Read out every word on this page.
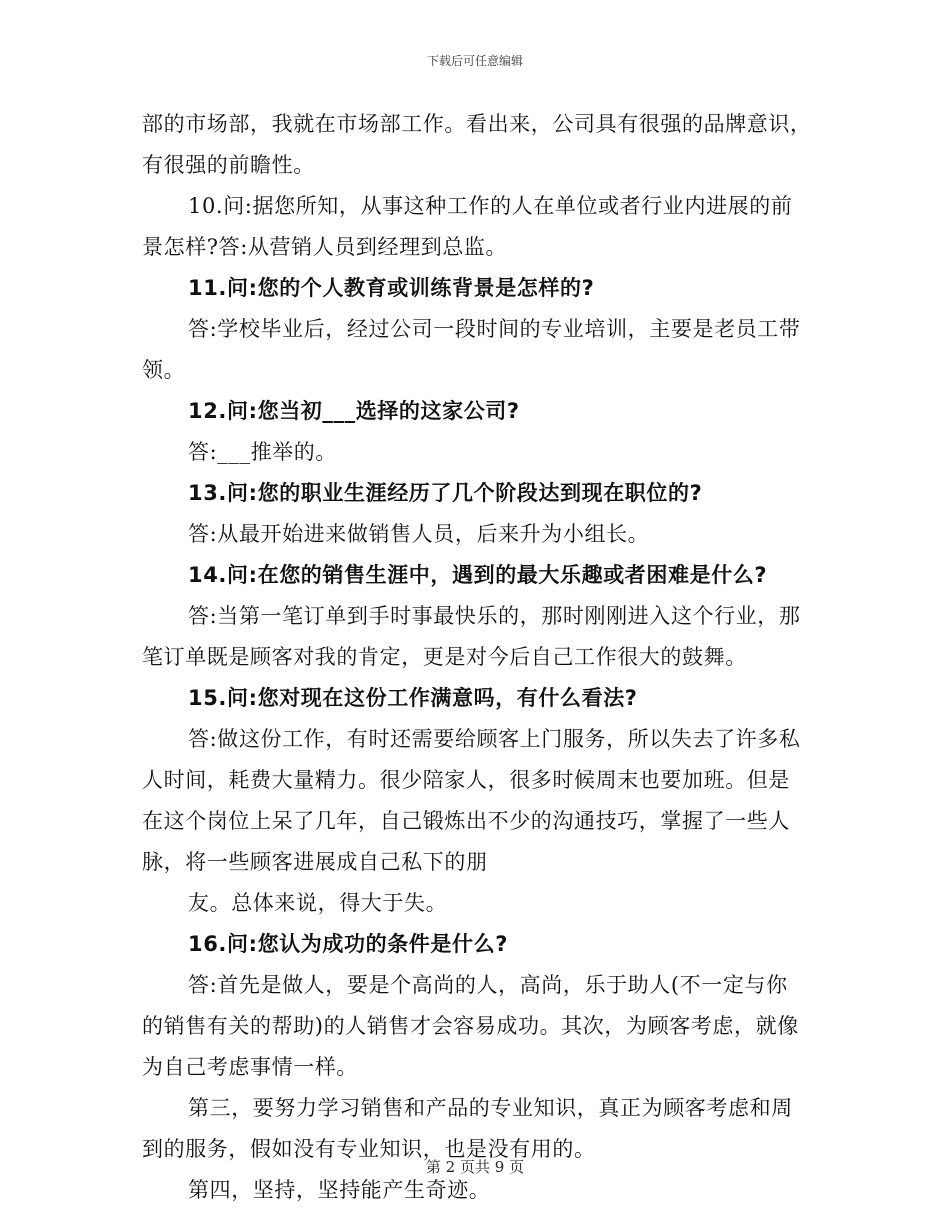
下载后可任意编辑
部的市场部，我就在市场部工作。看出来，公司具有很强的品牌意识，
有很强的前瞻性。
10.问:据您所知，从事这种工作的人在单位或者行业内进展的前
景怎样?答:从营销人员到经理到总监。
11.问:您的个人教育或训练背景是怎样的?
答:学校毕业后，经过公司一段时间的专业培训，主要是老员工带
领。
12.问:您当初___选择的这家公司?
答:___推举的。
13.问:您的职业生涯经历了几个阶段达到现在职位的?
答:从最开始进来做销售人员，后来升为小组长。
14.问:在您的销售生涯中，遇到的最大乐趣或者困难是什么?
答:当第一笔订单到手时事最快乐的，那时刚刚进入这个行业，那
笔订单既是顾客对我的肯定，更是对今后自己工作很大的鼓舞。
15.问:您对现在这份工作满意吗，有什么看法?
答:做这份工作，有时还需要给顾客上门服务，所以失去了许多私
人时间，耗费大量精力。很少陪家人，很多时候周末也要加班。但是
在这个岗位上呆了几年，自己锻炼出不少的沟通技巧，掌握了一些人
脉，将一些顾客进展成自己私下的朋
友。总体来说，得大于失。
16.问:您认为成功的条件是什么?
答:首先是做人，要是个高尚的人，高尚，乐于助人(不一定与你
的销售有关的帮助)的人销售才会容易成功。其次，为顾客考虑，就像
为自己考虑事情一样。
第三，要努力学习销售和产品的专业知识，真正为顾客考虑和周
到的服务，假如没有专业知识，也是没有用的。
第四，坚持，坚持能产生奇迹。
第 2 页共 9 页
